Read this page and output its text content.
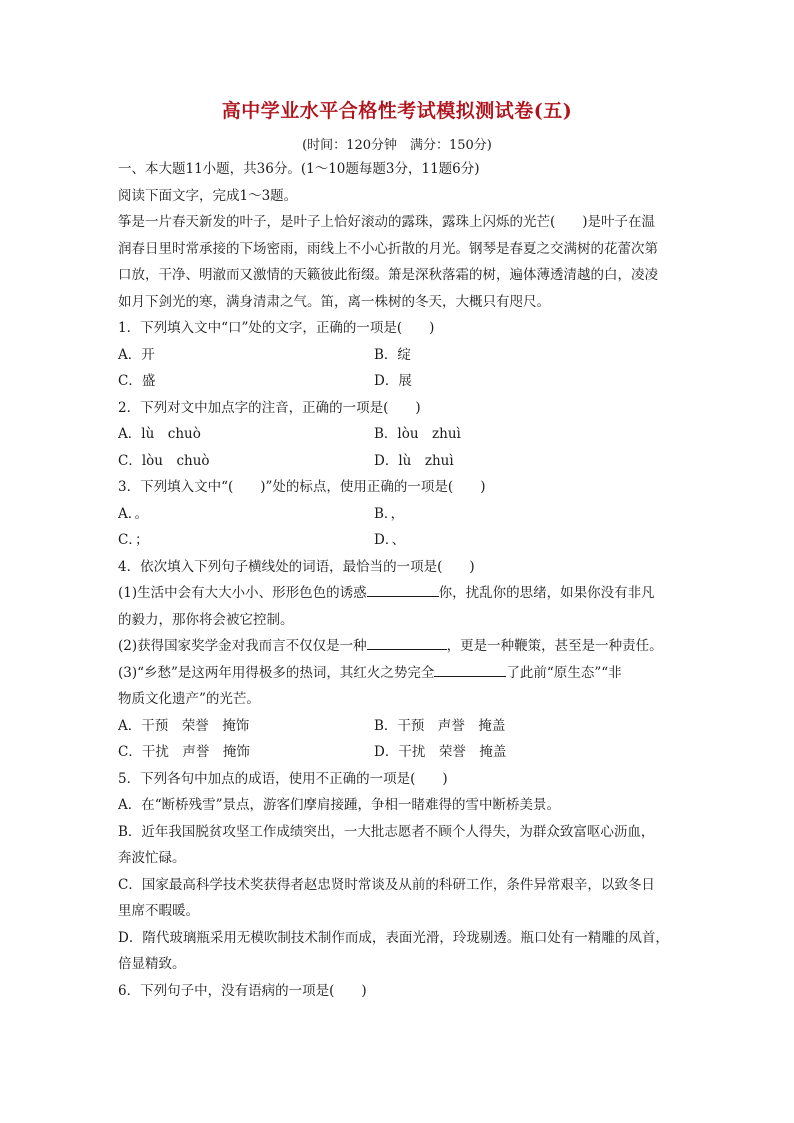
高中学业水平合格性考试模拟测试卷(五)
(时间：120分钟　满分：150分)
一、本大题11小题，共36分。(1～10题每题3分，11题6分)
阅读下面文字，完成1～3题。
筝是一片春天新发的叶子，是叶子上恰好滚动的露珠，露珠上闪烁的光芒(　　)是叶子在温
润春日里时常承接的下场密雨，雨线上不小心折散的月光。钢琴是春夏之交满树的花蕾次第
口放，干净、明澈而又激情的天籁彼此衔缀。箫是深秋落霜的树，遍体薄透清越的白，凌凌
如月下剑光的寒，满身清肃之气。笛，离一株树的冬天，大概只有咫尺。
1．下列填入文中“口”处的文字，正确的一项是(　　)
A．开	B．绽
C．盛	D．展
2．下列对文中加点字的注音，正确的一项是(　　)
A．lù　chuò	B．lòu　zhuì
C．lòu　chuò	D．lù　zhuì
3．下列填入文中“(　　)”处的标点，使用正确的一项是(　　)
A．。	B．，
C．；	D．、
4．依次填入下列句子横线处的词语，最恰当的一项是(　　)
(1)生活中会有大大小小、形形色色的诱惑	你，扰乱你的思绪，如果你没有非凡
的毅力，那你将会被它控制。
(2)获得国家奖学金对我而言不仅仅是一种	，更是一种鞭策，甚至是一种责任。
(3)“乡愁”是这两年用得极多的热词，其红火之势完全	了此前“原生态”“非
物质文化遗产”的光芒。
A．干预　荣誉　掩饰	B．干预　声誉　掩盖
C．干扰　声誉　掩饰	D．干扰　荣誉　掩盖
5．下列各句中加点的成语，使用不正确的一项是(　　)
A．在“断桥残雪”景点，游客们摩肩接踵，争相一睹难得的雪中断桥美景。
B．近年我国脱贫攻坚工作成绩突出，一大批志愿者不顾个人得失，为群众致富呕心沥血，
奔波忙碌。
C．国家最高科学技术奖获得者赵忠贤时常谈及从前的科研工作，条件异常艰辛，以致冬日
里席不暇暖。
D．隋代玻璃瓶采用无模吹制技术制作而成，表面光滑，玲珑剔透。瓶口处有一精雕的凤首，
倍显精致。
6．下列句子中，没有语病的一项是(　　)
